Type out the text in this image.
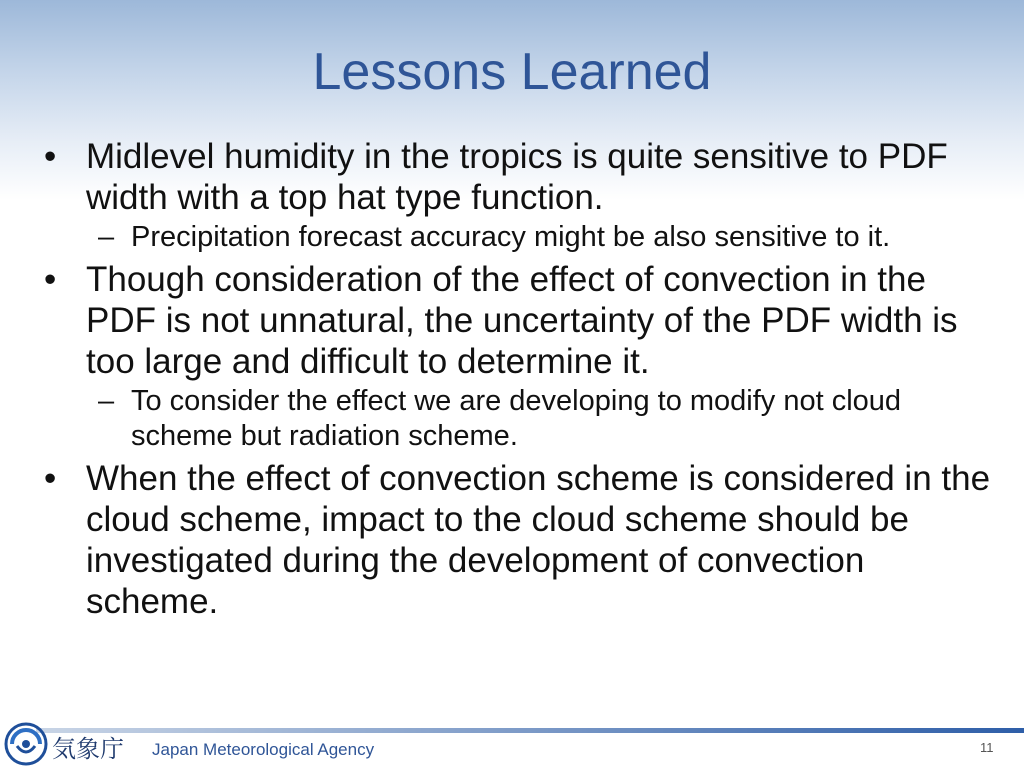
Lessons Learned
• Midlevel humidity in the tropics is quite sensitive to PDF width with a top hat type function.
– Precipitation forecast accuracy might be also sensitive to it.
• Though consideration of the effect of convection in the PDF is not unnatural, the uncertainty of the PDF width is too large and difficult to determine it.
– To consider the effect we are developing to modify not cloud scheme but radiation scheme.
• When the effect of convection scheme is considered in the cloud scheme, impact to the cloud scheme should be investigated during the development of convection scheme.
気象庁 Japan Meteorological Agency	11
